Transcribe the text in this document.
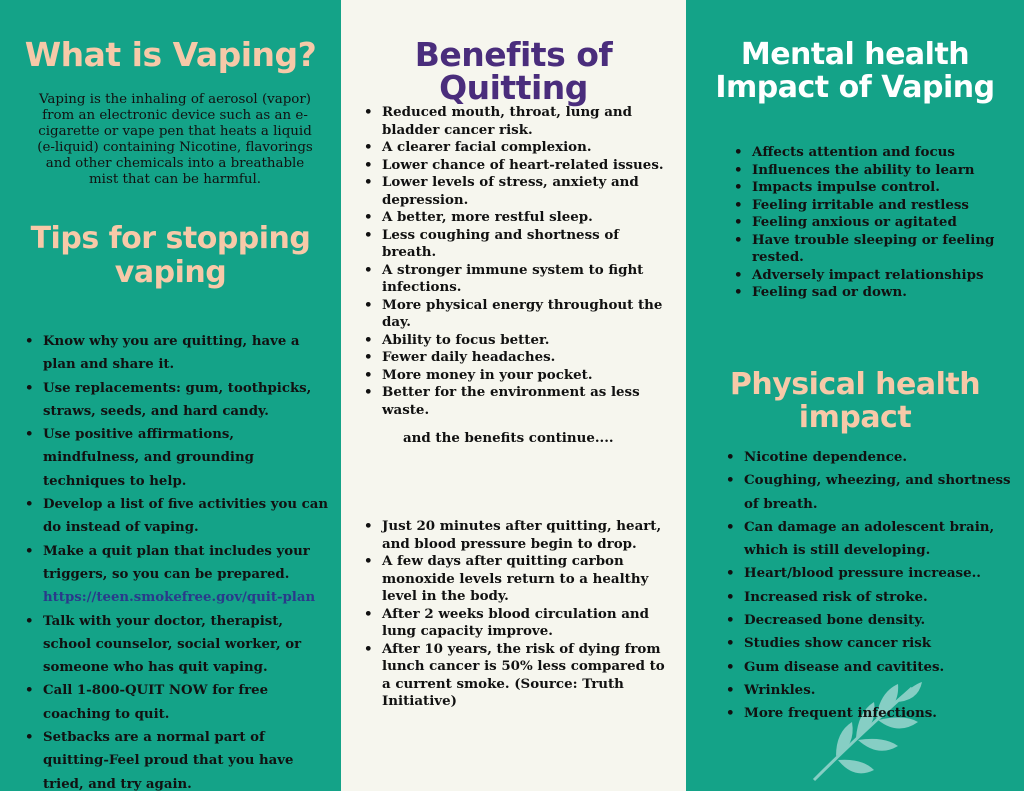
What is Vaping?

Vaping is the inhaling of aerosol (vapor) from an electronic device such as an e-cigarette or vape pen that heats a liquid (e-liquid) containing Nicotine, flavorings and other chemicals into a breathable mist that can be harmful.

Tips for stopping
vaping
• Know why you are quitting, have a plan and share it.
• Use replacements: gum, toothpicks, straws, seeds, and hard candy.
• Use positive affirmations, mindfulness, and grounding techniques to help.
• Develop a list of five activities you can do instead of vaping.
• Make a quit plan that includes your triggers, so you can be prepared.
https://teen.smokefree.gov/quit-plan
• Talk with your doctor, therapist, school counselor, social worker, or someone who has quit vaping.
• Call 1-800-QUIT NOW for free coaching to quit.
• Setbacks are a normal part of quitting-Feel proud that you have tried, and try again.
Benefits of Quitting
• Reduced mouth, throat, lung and bladder cancer risk.
• A clearer facial complexion.
• Lower chance of heart-related issues.
• Lower levels of stress, anxiety and depression.
• A better, more restful sleep.
• Less coughing and shortness of breath.
• A stronger immune system to fight infections.
• More physical energy throughout the day.
• Ability to focus better.
• Fewer daily headaches.
• More money in your pocket.
• Better for the environment as less waste.

and the benefits continue....

• Just 20 minutes after quitting, heart, and blood pressure begin to drop.
• A few days after quitting carbon monoxide levels return to a healthy level in the body.
• After 2 weeks blood circulation and lung capacity improve.
• After 10 years, the risk of dying from lunch cancer is 50% less compared to a current smoke. (Source: Truth Initiative)
Mental health
Impact of Vaping
• Affects attention and focus
• Influences the ability to learn
• Impacts impulse control.
• Feeling irritable and restless
• Feeling anxious or agitated
• Have trouble sleeping or feeling rested.
• Adversely impact relationships
• Feeling sad or down.
Physical health
impact
• Nicotine dependence.
• Coughing, wheezing, and shortness of breath.
• Can damage an adolescent brain, which is still developing.
• Heart/blood pressure increase..
• Increased risk of stroke.
• Decreased bone density.
• Studies show cancer risk
• Gum disease and cavitites.
• Wrinkles.
• More frequent infections.
